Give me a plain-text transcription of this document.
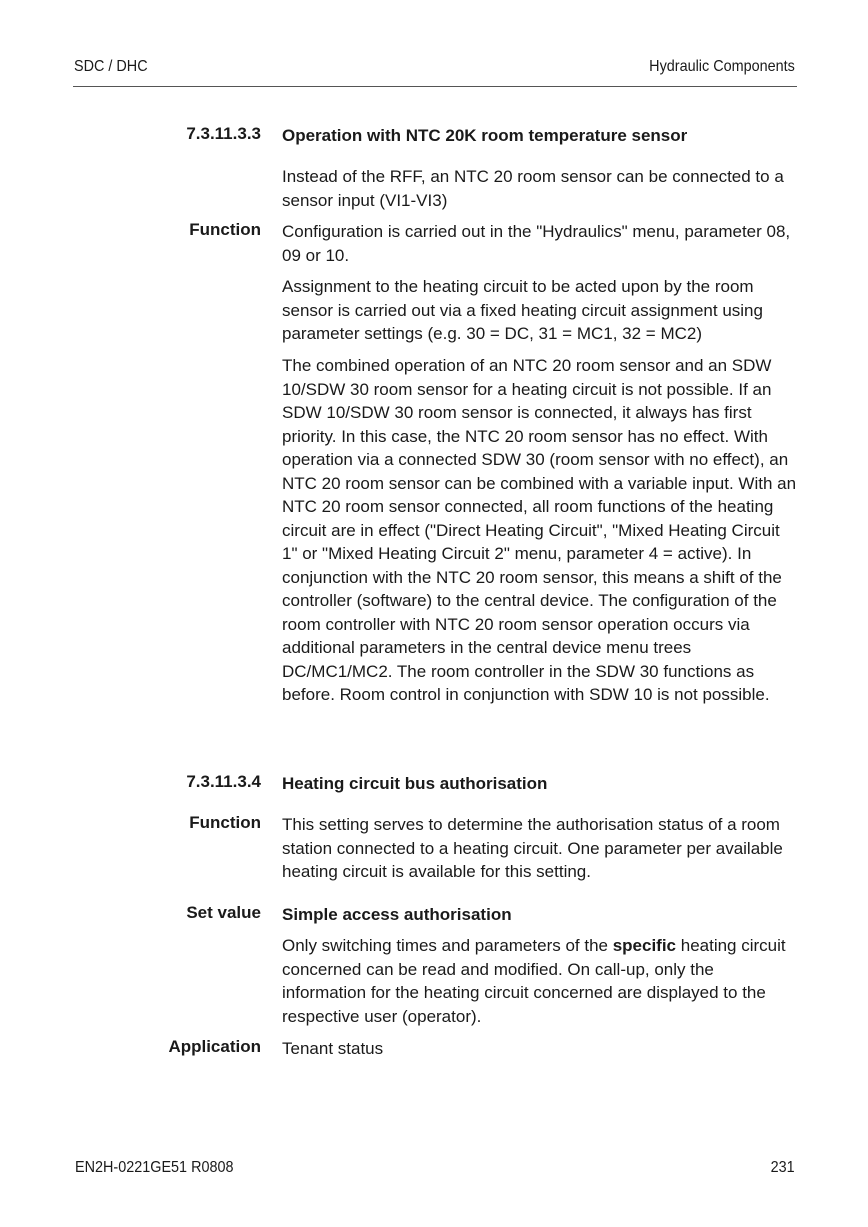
SDC / DHC	Hydraulic Components
7.3.11.3.3 Operation with NTC 20K room temperature sensor
Instead of the RFF, an NTC 20 room sensor can be connected to a sensor input (VI1-VI3)
Function Configuration is carried out in the "Hydraulics" menu, parameter 08, 09 or 10.
Assignment to the heating circuit to be acted upon by the room sensor is carried out via a fixed heating circuit assignment using parameter settings (e.g. 30 = DC, 31 = MC1, 32 = MC2)
The combined operation of an NTC 20 room sensor and an SDW 10/SDW 30 room sensor for a heating circuit is not possible. If an SDW 10/SDW 30 room sensor is connected, it always has first priority. In this case, the NTC 20 room sensor has no effect. With operation via a connected SDW 30 (room sensor with no effect), an NTC 20 room sensor can be combined with a variable input. With an NTC 20 room sensor connected, all room functions of the heating circuit are in effect ("Direct Heating Circuit", "Mixed Heating Circuit 1" or "Mixed Heating Circuit 2" menu, parameter 4 = active). In conjunction with the NTC 20 room sensor, this means a shift of the controller (software) to the central device. The configuration of the room controller with NTC 20 room sensor operation occurs via additional parameters in the central device menu trees DC/MC1/MC2. The room controller in the SDW 30 functions as before. Room control in conjunction with SDW 10 is not possible.
7.3.11.3.4 Heating circuit bus authorisation
Function This setting serves to determine the authorisation status of a room station connected to a heating circuit. One parameter per available heating circuit is available for this setting.
Set value Simple access authorisation
Only switching times and parameters of the specific heating circuit concerned can be read and modified. On call-up, only the information for the heating circuit concerned are displayed to the respective user (operator).
Application Tenant status
EN2H-0221GE51 R0808	231
